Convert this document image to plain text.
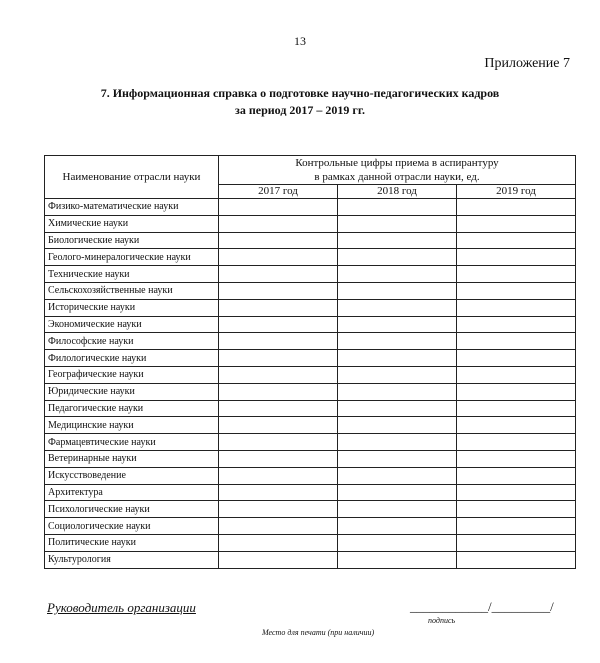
13
Приложение 7
7. Информационная справка о подготовке научно-педагогических кадров
за период 2017 – 2019 гг.
Наименование отрасли науки	Контрольные цифры приема в аспирантуру
в рамках данной отрасли науки, ед.		

	2017 год	2018 год	2019 год
Физико-математические науки			
Химические науки			
Биологические науки			
Геолого-минералогические науки			
Технические науки			
Сельскохозяйственные науки			
Исторические науки			
Экономические науки			
Философские науки			
Филологические науки			
Географические науки			
Юридические науки			
Педагогические науки			
Медицинские науки			
Фармацевтические науки			
Ветеринарные науки			
Искусствоведение			
Архитектура			
Психологические науки			
Социологические науки			
Политические науки			
Культурология			
Руководитель организации	____________/_________/
подпись
Место для печати (при наличии)
